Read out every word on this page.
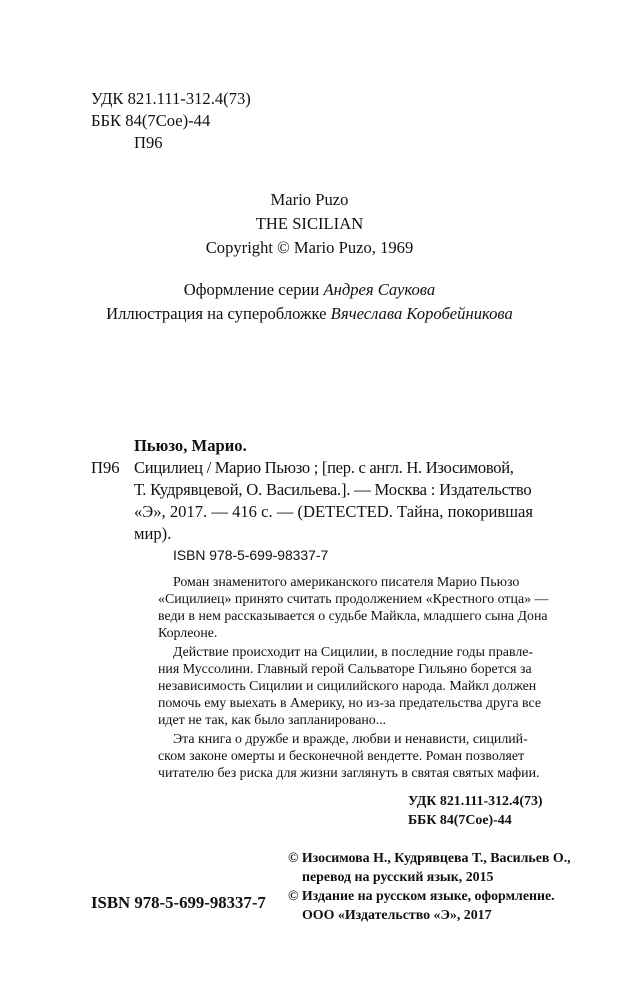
УДК 821.111-312.4(73)
ББК 84(7Сое)-44
П96
Mario Puzo
THE SICILIAN
Copyright © Mario Puzo, 1969
Оформление серии Андрея Саукова
Иллюстрация на суперобложке Вячеслава Коробейникова
Пьюзо, Марио.
П96 Сицилиец / Марио Пьюзо ; [пер. с англ. Н. Изосимовой,
Т. Кудрявцевой, О. Васильева.]. — Москва : Издательство
«Э», 2017. — 416 с. — (DETECTED. Тайна, покорившая
мир).
ISBN 978-5-699-98337-7
Роман знаменитого американского писателя Марио Пьюзо
«Сицилиец» принято считать продолжением «Крестного отца» —
веди в нем рассказывается о судьбе Майкла, младшего сына Дона
Корлеоне.
Действие происходит на Сицилии, в последние годы правле-
ния Муссолини. Главный герой Сальваторе Гильяно борется за
независимость Сицилии и сицилийского народа. Майкл должен
помочь ему выехать в Америку, но из-за предательства друга все
идет не так, как было запланировано...
Эта книга о дружбе и вражде, любви и ненависти, сицилий-
ском законе омерты и бесконечной вендетте. Роман позволяет
читателю без риска для жизни заглянуть в святая святых мафии.
УДК 821.111-312.4(73)
ББК 84(7Сое)-44
© Изосимова Н., Кудрявцева Т., Васильев О.,
перевод на русский язык, 2015
© Издание на русском языке, оформление.
ООО «Издательство «Э», 2017
ISBN 978-5-699-98337-7
